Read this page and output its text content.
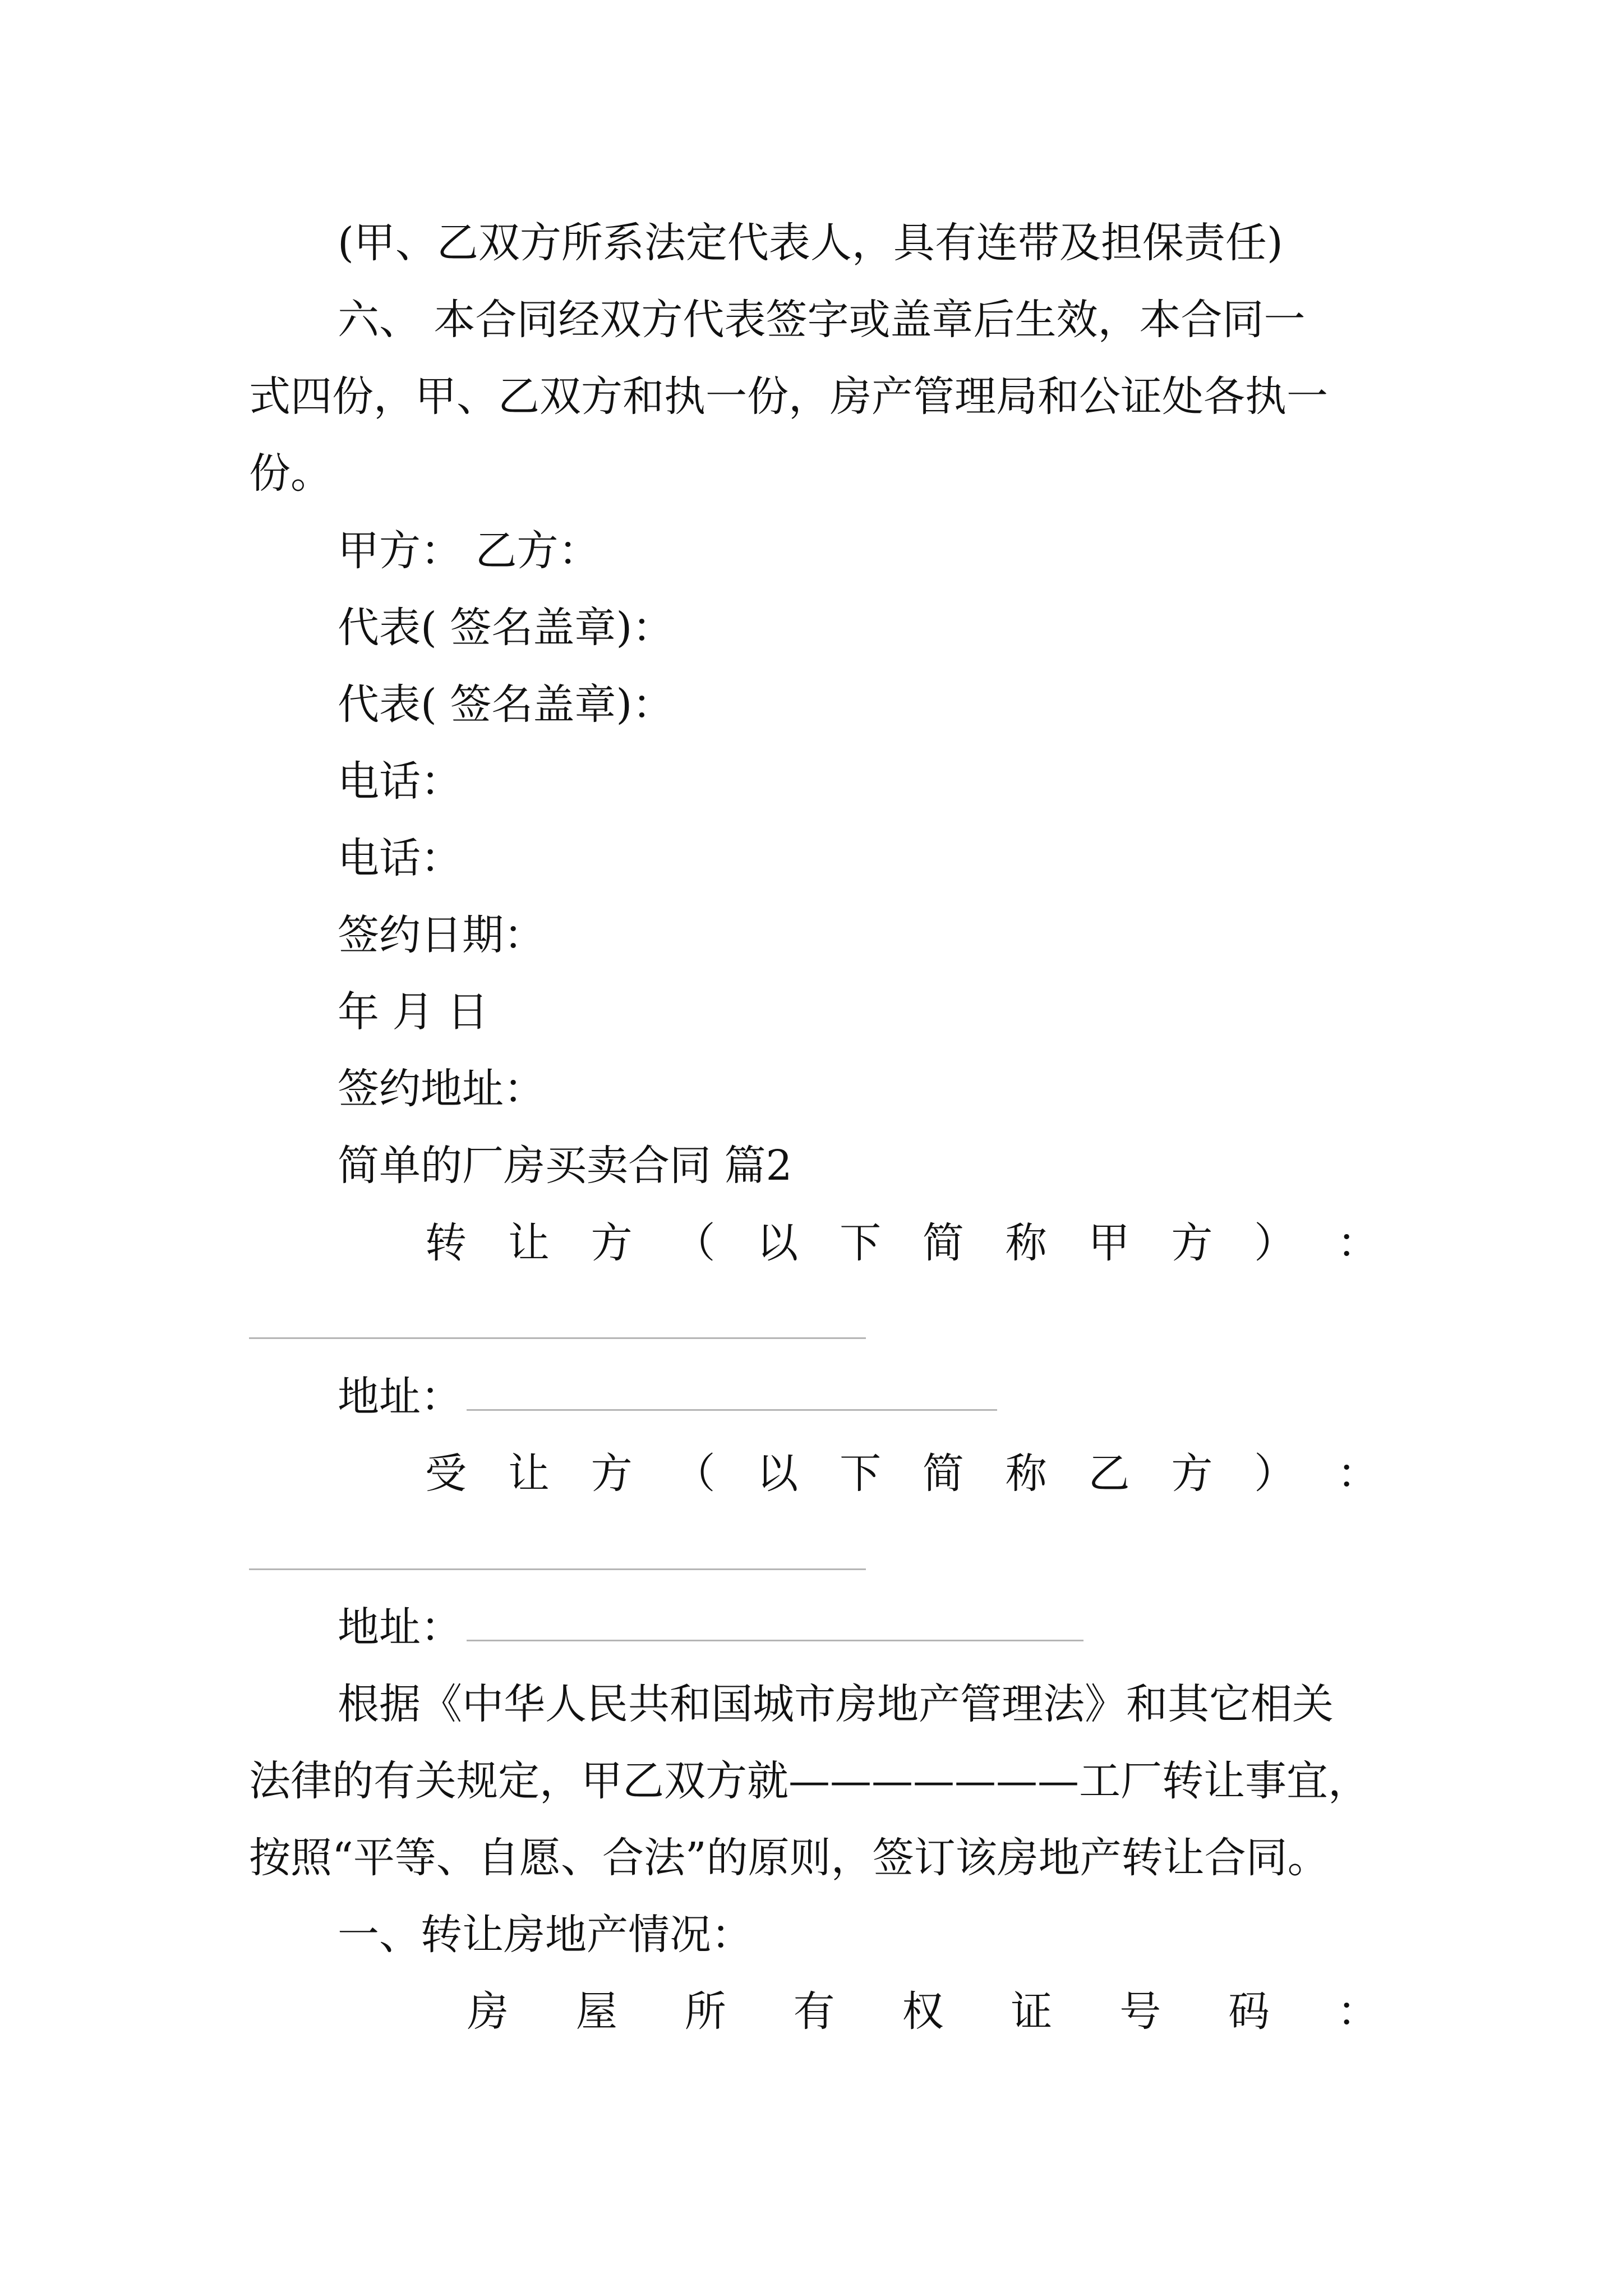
(甲、乙双方所系法定代表人，具有连带及担保责任)

六、 本合同经双方代表签字或盖章后生效，本合同一

式四份，甲、乙双方和执一份，房产管理局和公证处各执一

份。

甲方： 乙方：

代表( 签名盖章)：

代表( 签名盖章)：

电话：

电话：

签约日期：

年 月 日

签约地址：

简单的厂房买卖合同 篇2

转 让 方 （ 以 下 简 称 甲 方 ） ：

地址：

受 让 方 （ 以 下 简 称 乙 方 ） ：

地址：

根据《中华人民共和国城市房地产管理法》和其它相关

法律的有关规定，甲乙双方就———————工厂转让事宜，

按照“平等、自愿、合法”的原则，签订该房地产转让合同。

一、转让房地产情况：

房 屋 所 有 权 证 号 码 ：
